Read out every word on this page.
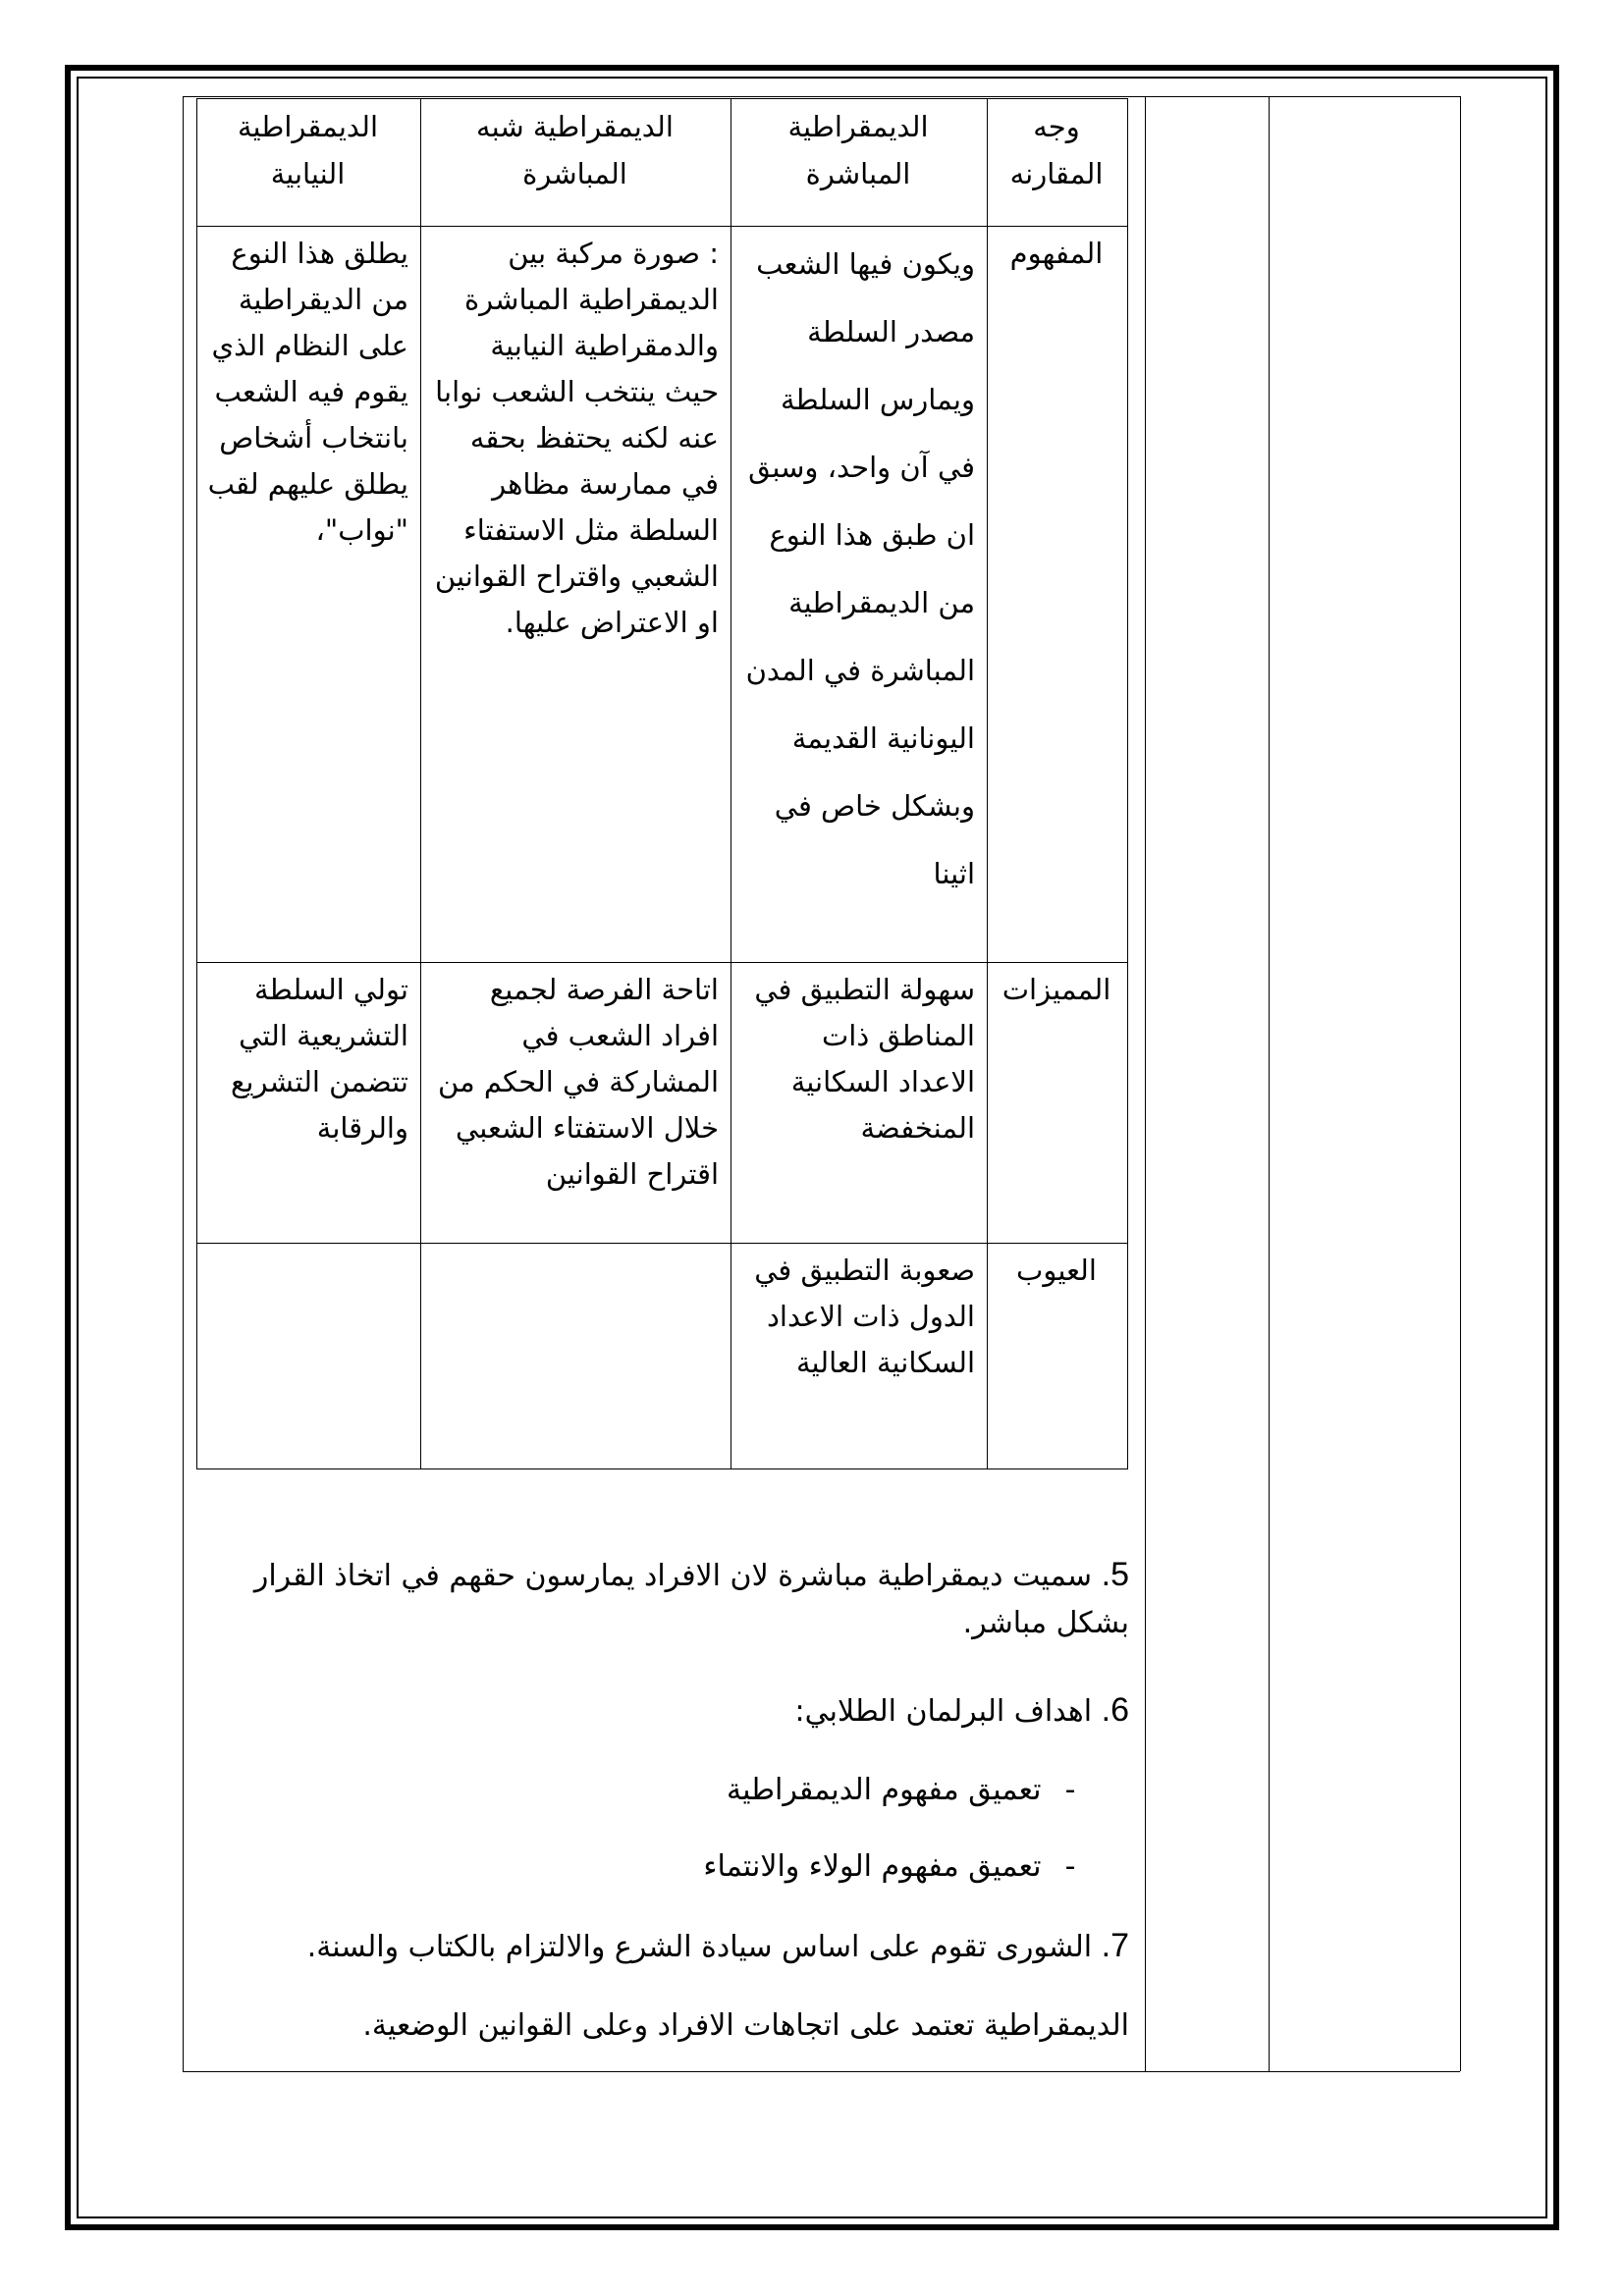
وجه المقارنه	الديمقراطية المباشرة	الديمقراطية شبه المباشرة	الديمقراطية النيابية
المفهوم	ويكون فيها الشعب مصدر السلطة ويمارس السلطة في آن واحد، وسبق ان طبق هذا النوع من الديمقراطية المباشرة في المدن اليونانية القديمة وبشكل خاص في اثينا	: صورة مركبة بين الديمقراطية المباشرة والدمقراطية النيابية حيث ينتخب الشعب نوابا عنه لكنه يحتفظ بحقه في ممارسة مظاهر السلطة مثل الاستفتاء الشعبي واقتراح القوانين او الاعتراض عليها.	يطلق هذا النوع من الديقراطية على النظام الذي يقوم فيه الشعب بانتخاب أشخاص يطلق عليهم لقب "نواب"،
المميزات	سهولة التطبيق في المناطق ذات الاعداد السكانية المنخفضة	اتاحة الفرصة لجميع افراد الشعب في المشاركة في الحكم من خلال الاستفتاء الشعبي اقتراح القوانين	تولي السلطة التشريعية التي تتضمن التشريع والرقابة
العيوب	صعوبة التطبيق في الدول ذات الاعداد السكانية العالية		
5. سميت ديمقراطية مباشرة لان الافراد يمارسون حقهم في اتخاذ القرار بشكل مباشر.
6. اهداف البرلمان الطلابي:
- تعميق مفهوم الديمقراطية
- تعميق مفهوم الولاء والانتماء
7. الشورى تقوم على اساس سيادة الشرع والالتزام بالكتاب والسنة.
الديمقراطية تعتمد على اتجاهات الافراد وعلى القوانين الوضعية.
